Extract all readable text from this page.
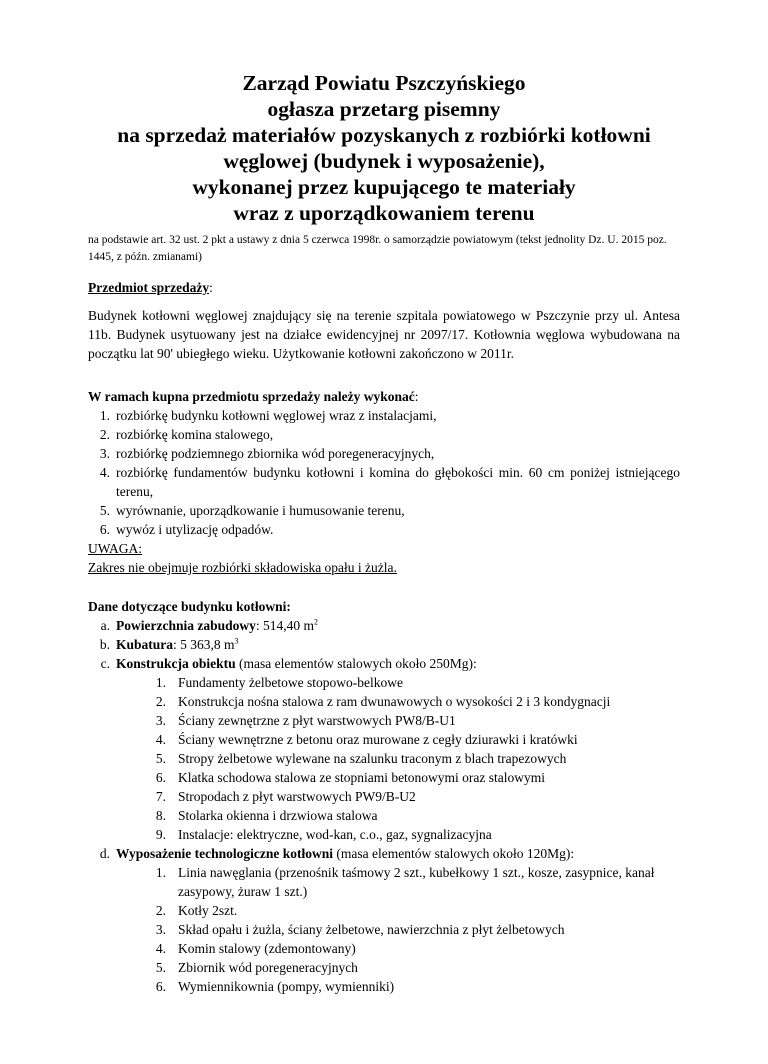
Zarząd Powiatu Pszczyńskiego
ogłasza przetarg pisemny
na sprzedaż materiałów pozyskanych z rozbiórki kotłowni
węglowej (budynek i wyposażenie),
wykonanej przez kupującego te materiały
wraz z uporządkowaniem terenu
na podstawie art. 32 ust. 2 pkt a ustawy z dnia 5 czerwca 1998r. o samorządzie powiatowym (tekst jednolity Dz. U. 2015 poz. 1445, z późn. zmianami)
Przedmiot sprzedaży:
Budynek kotłowni węglowej znajdujący się na terenie szpitala powiatowego w Pszczynie przy ul. Antesa 11b. Budynek usytuowany jest na działce ewidencyjnej nr 2097/17. Kotłownia węglowa wybudowana na początku lat 90' ubiegłego wieku. Użytkowanie kotłowni zakończono w 2011r.
W ramach kupna przedmiotu sprzedaży należy wykonać:
1. rozbiórkę budynku kotłowni węglowej wraz z instalacjami,
2. rozbiórkę komina stalowego,
3. rozbiórkę podziemnego zbiornika wód poregeneracyjnych,
4. rozbiórkę fundamentów budynku kotłowni i komina do głębokości min. 60 cm poniżej istniejącego terenu,
5. wyrównanie, uporządkowanie i humusowanie terenu,
6. wywóz i utylizację odpadów.
UWAGA:
Zakres nie obejmuje rozbiórki składowiska opału i żużla.
Dane dotyczące budynku kotłowni:
a. Powierzchnia zabudowy: 514,40 $m^2$
b. Kubatura: 5 363,8 $m^3$
c. Konstrukcja obiektu (masa elementów stalowych około 250Mg):
1. Fundamenty żelbetowe stopowo-belkowe
2. Konstrukcja nośna stalowa z ram dwunawowych o wysokości 2 i 3 kondygnacji
3. Ściany zewnętrzne z płyt warstwowych PW8/B-U1
4. Ściany wewnętrzne z betonu oraz murowane z cegły dziurawki i kratówki
5. Stropy żelbetowe wylewane na szalunku traconym z blach trapezowych
6. Klatka schodowa stalowa ze stopniami betonowymi oraz stalowymi
7. Stropodach z płyt warstwowych PW9/B-U2
8. Stolarka okienna i drzwiowa stalowa
9. Instalacje: elektryczne, wod-kan, c.o., gaz, sygnalizacyjna
d. Wyposażenie technologiczne kotłowni (masa elementów stalowych około 120Mg):
1. Linia nawęglania (przenośnik taśmowy 2 szt., kubełkowy 1 szt., kosze, zasypnice, kanał zasypowy, żuraw 1 szt.)
2. Kotły 2szt.
3. Skład opału i żużla, ściany żelbetowe, nawierzchnia z płyt żelbetowych
4. Komin stalowy (zdemontowany)
5. Zbiornik wód poregeneracyjnych
6. Wymiennikownia (pompy, wymienniki)
